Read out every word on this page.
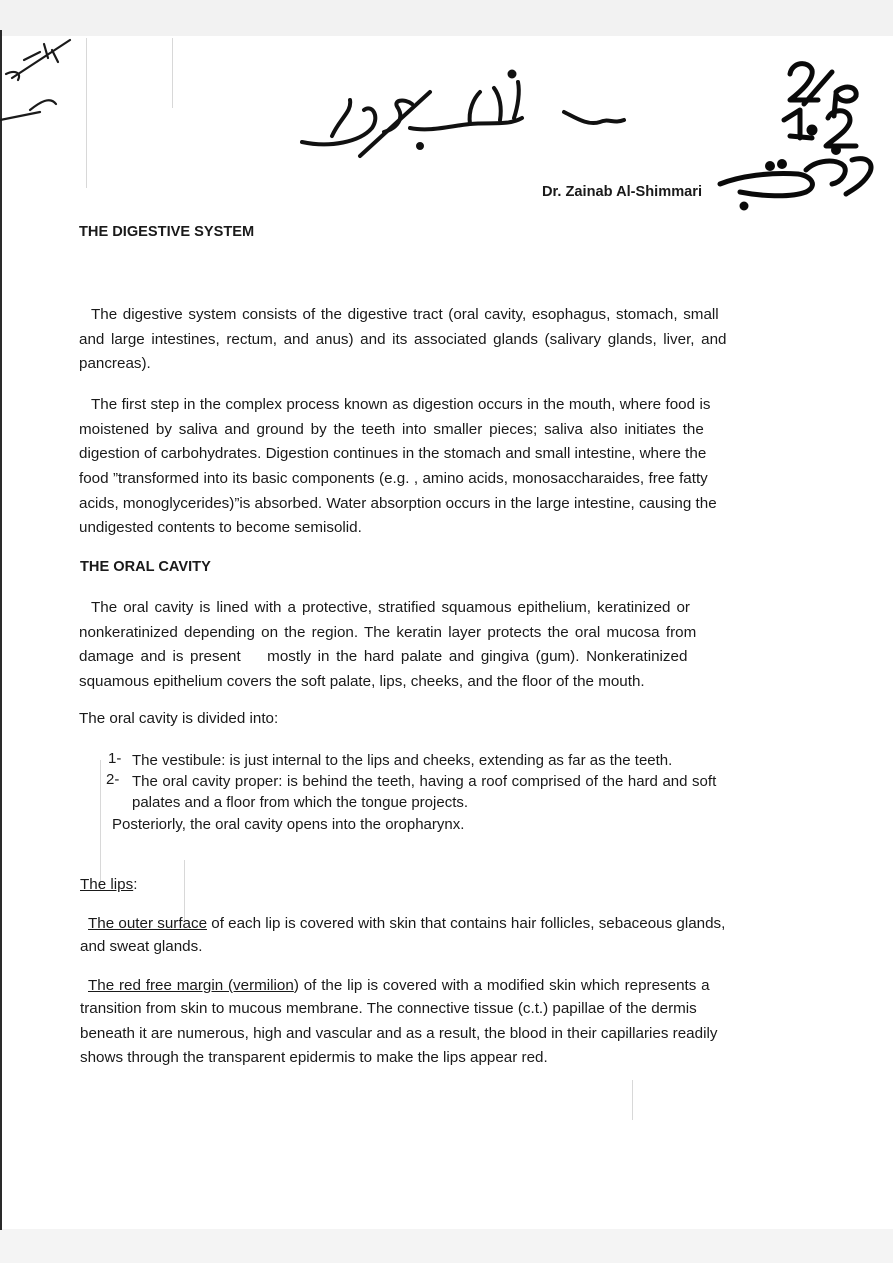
Dr. Zainab Al-Shimmari
THE DIGESTIVE SYSTEM

The digestive system consists of the digestive tract (oral cavity, esophagus, stomach, small

and large intestines, rectum, and anus) and its associated glands (salivary glands, liver, and

pancreas).

The first step in the complex process known as digestion occurs in the mouth, where food is

moistened by saliva and ground by the teeth into smaller pieces; saliva also initiates the

digestion of carbohydrates. Digestion continues in the stomach and small intestine, where the

food ”transformed into its basic components (e.g. , amino acids, monosaccharaides, free fatty

acids, monoglycerides)”is absorbed. Water absorption occurs in the large intestine, causing the

undigested contents to become semisolid.

THE ORAL CAVITY

The oral cavity is lined with a protective, stratified squamous epithelium, keratinized or

nonkeratinized depending on the region. The keratin layer protects the oral mucosa from

damage and is present    mostly in the hard palate and gingiva (gum). Nonkeratinized

squamous epithelium covers the soft palate, lips, cheeks, and the floor of the mouth.

The oral cavity is divided into:

1- The vestibule: is just internal to the lips and cheeks, extending as far as the teeth.
2- The oral cavity proper: is behind the teeth, having a roof comprised of the hard and soft
palates and a floor from which the tongue projects.
Posteriorly, the oral cavity opens into the oropharynx.
The lips:

The outer surface of each lip is covered with skin that contains hair follicles, sebaceous glands,

and sweat glands.

The red free margin (vermilion) of the lip is covered with a modified skin which represents a

transition from skin to mucous membrane. The connective tissue (c.t.) papillae of the dermis

beneath it are numerous, high and vascular and as a result, the blood in their capillaries readily

shows through the transparent epidermis to make the lips appear red.
